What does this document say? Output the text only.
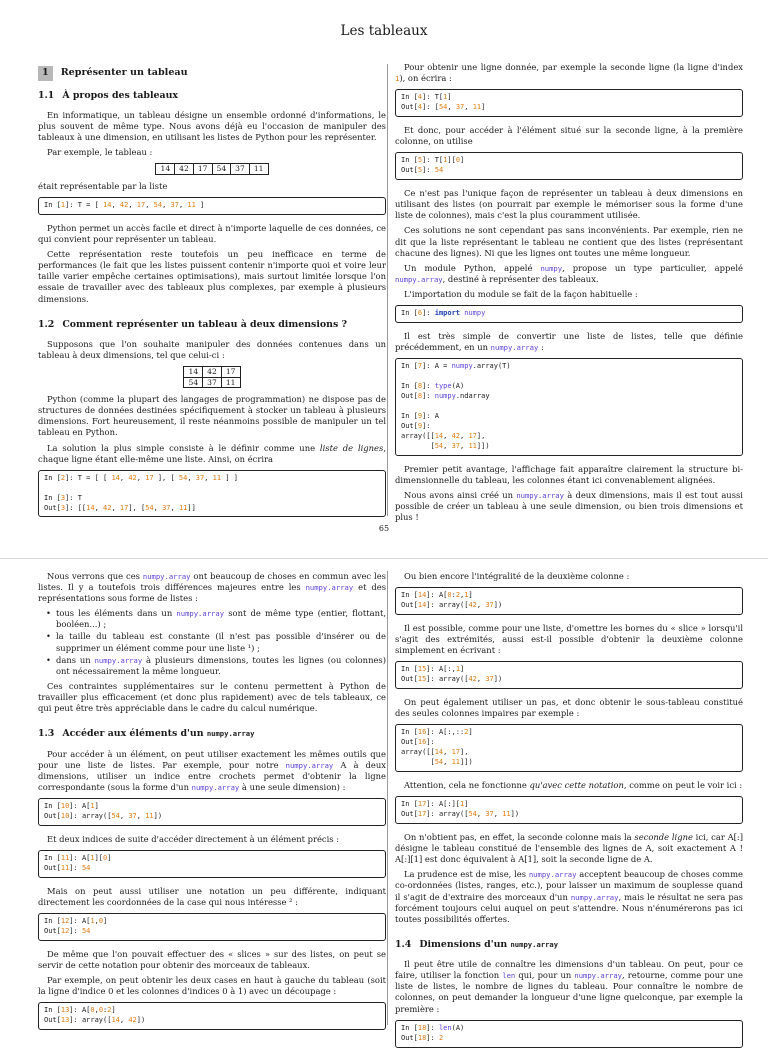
Les tableaux
1	Représenter un tableau
1.1 À propos des tableaux

En informatique, un tableau désigne un ensemble ordonné d'informations, le plus souvent de même type. Nous avons déjà eu l'occasion de manipuler des tableaux à une dimension, en utilisant les listes de Python pour les représenter.

Par exemple, le tableau :

14	42	17	54	37	11

était représentable par la liste

In [1]: T = [ 14, 42, 17, 54, 37, 11 ]

Python permet un accès facile et direct à n'importe laquelle de ces données, ce qui convient pour représenter un tableau.

Cette représentation reste toutefois un peu inefficace en terme de performances (le fait que les listes puissent contenir n'importe quoi et voire leur taille varier empêche certaines optimisations), mais surtout limitée lorsque l'on essaie de travailler avec des tableaux plus complexes, par exemple à plusieurs dimensions.

1.2 Comment représenter un tableau à deux dimensions ?

Supposons que l'on souhaite manipuler des données contenues dans un tableau à deux dimensions, tel que celui-ci :

14	42	17
54	37	11

Python (comme la plupart des langages de programmation) ne dispose pas de structures de données destinées spécifiquement à stocker un tableau à plusieurs dimensions. Fort heureusement, il reste néanmoins possible de manipuler un tel tableau en Python.

La solution la plus simple consiste à le définir comme une liste de lignes, chaque ligne étant elle-même une liste. Ainsi, on écrira

In [2]: T = [ [ 14, 42, 17 ], [ 54, 37, 11 ] ]

In [3]: T
Out[3]: [[14, 42, 17], [54, 37, 11]]

Pour obtenir une ligne donnée, par exemple la seconde ligne (la ligne d'index 1), on écrira :

In [4]: T[1]
Out[4]: [54, 37, 11]

Et donc, pour accéder à l'élément situé sur la seconde ligne, à la première colonne, on utilise

In [5]: T[1][0]
Out[5]: 54

Ce n'est pas l'unique façon de représenter un tableau à deux dimensions en utilisant des listes (on pourrait par exemple le mémoriser sous la forme d'une liste de colonnes), mais c'est la plus couramment utilisée.

Ces solutions ne sont cependant pas sans inconvénients. Par exemple, rien ne dit que la liste représentant le tableau ne contient que des listes (représentant chacune des lignes). Ni que les lignes ont toutes une même longueur.

Un module Python, appelé numpy, propose un type particulier, appelé numpy.array, destiné à représenter des tableaux.

L'importation du module se fait de la façon habituelle :

In [6]: import numpy

Il est très simple de convertir une liste de listes, telle que définie précédemment, en un numpy.array :

In [7]: A = numpy.array(T)

In [8]: type(A)
Out[8]: numpy.ndarray

In [9]: A
Out[9]:
array([[14, 42, 17],
[54, 37, 11]])

Premier petit avantage, l'affichage fait apparaître clairement la structure bi-dimensionnelle du tableau, les colonnes étant ici convenablement alignées.

Nous avons ainsi créé un numpy.array à deux dimensions, mais il est tout aussi possible de créer un tableau à une seule dimension, ou bien trois dimensions et plus !

65

Nous verrons que ces numpy.array ont beaucoup de choses en commun avec les listes. Il y a toutefois trois différences majeures entre les numpy.array et des représentations sous forme de listes :

• tous les éléments dans un numpy.array sont de même type (entier, flottant, booléen...) ;
• la taille du tableau est constante (il n'est pas possible d'insérer ou de supprimer un élément comme pour une liste ¹) ;
• dans un numpy.array à plusieurs dimensions, toutes les lignes (ou colonnes) ont nécessairement la même longueur.

Ces contraintes supplémentaires sur le contenu permettent à Python de travailler plus efficacement (et donc plus rapidement) avec de tels tableaux, ce qui peut être très appréciable dans le cadre du calcul numérique.

1.3 Accéder aux éléments d'un numpy.array

Pour accéder à un élément, on peut utiliser exactement les mêmes outils que pour une liste de listes. Par exemple, pour notre numpy.array A à deux dimensions, utiliser un indice entre crochets permet d'obtenir la ligne correspondante (sous la forme d'un numpy.array à une seule dimension) :

In [10]: A[1]
Out[10]: array([54, 37, 11])

Et deux indices de suite d'accéder directement à un élément précis :

In [11]: A[1][0]
Out[11]: 54

Mais on peut aussi utiliser une notation un peu différente, indiquant directement les coordonnées de la case qui nous intéresse ² :

In [12]: A[1,0]
Out[12]: 54

De même que l'on pouvait effectuer des « slices » sur des listes, on peut se servir de cette notation pour obtenir des morceaux de tableaux.

Par exemple, on peut obtenir les deux cases en haut à gauche du tableau (soit la ligne d'indice 0 et les colonnes d'indices 0 à 1) avec un découpage :

In [13]: A[0,0:2]
Out[13]: array([14, 42])

Ou bien encore l'intégralité de la deuxième colonne :

In [14]: A[0:2,1]
Out[14]: array([42, 37])

Il est possible, comme pour une liste, d'omettre les bornes du « slice » lorsqu'il s'agit des extrémités, aussi est-il possible d'obtenir la deuxième colonne simplement en écrivant :

In [15]: A[:,1]
Out[15]: array([42, 37])

On peut également utiliser un pas, et donc obtenir le sous-tableau constitué des seules colonnes impaires par exemple :

In [16]: A[:,::2]
Out[16]:
array([[14, 17],
[54, 11]])

Attention, cela ne fonctionne qu'avec cette notation, comme on peut le voir ici :

In [17]: A[:][1]
Out[17]: array([54, 37, 11])

On n'obtient pas, en effet, la seconde colonne mais la seconde ligne ici, car A[:] désigne le tableau constitué de l'ensemble des lignes de A, soit exactement A ! A[:][1] est donc équivalent à A[1], soit la seconde ligne de A.

La prudence est de mise, les numpy.array acceptent beaucoup de choses comme co-ordonnées (listes, ranges, etc.), pour laisser un maximum de souplesse quand il s'agit de d'extraire des morceaux d'un numpy.array, mais le résultat ne sera pas forcément toujours celui auquel on peut s'attendre. Nous n'énumérerons pas ici toutes possibilités offertes.

1.4 Dimensions d'un numpy.array

Il peut être utile de connaître les dimensions d'un tableau. On peut, pour ce faire, utiliser la fonction len qui, pour un numpy.array, retourne, comme pour une liste de listes, le nombre de lignes du tableau. Pour connaître le nombre de colonnes, on peut demander la longueur d'une ligne quelconque, par exemple la première :

In [18]: len(A)
Out[18]: 2
